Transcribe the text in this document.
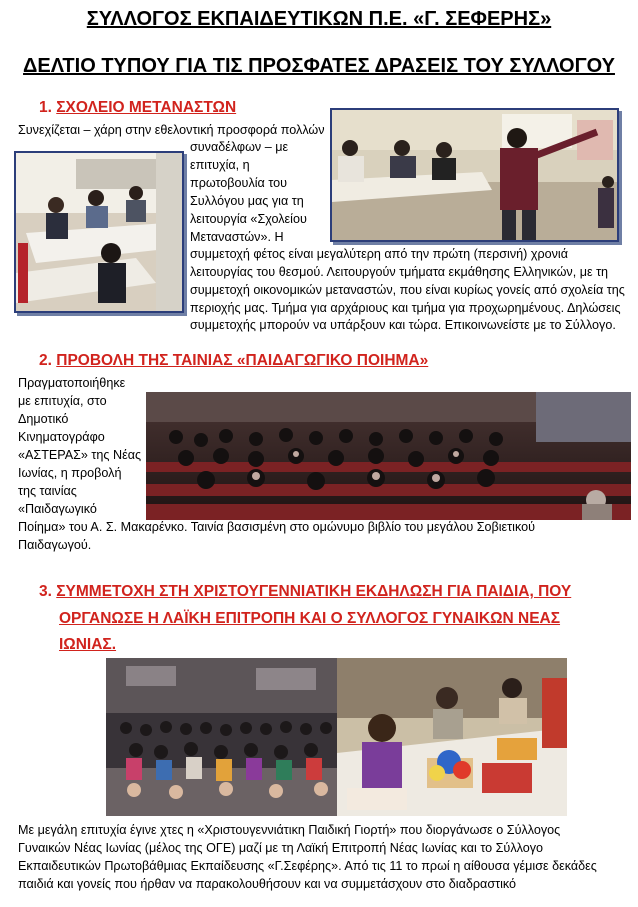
ΣΥΛΛΟΓΟΣ ΕΚΠΑΙΔΕΥΤΙΚΩΝ Π.Ε. «Γ. ΣΕΦΕΡΗΣ»
ΔΕΛΤΙΟ ΤΥΠΟΥ ΓΙΑ ΤΙΣ ΠΡΟΣΦΑΤΕΣ ΔΡΑΣΕΙΣ ΤΟΥ ΣΥΛΛΟΓΟΥ
1. ΣΧΟΛΕΙΟ ΜΕΤΑΝΑΣΤΩΝ
Συνεχίζεται – χάρη στην εθελοντική προσφορά πολλών
συναδέλφων – με
επιτυχία, η
πρωτοβουλία του
Συλλόγου μας για τη
λειτουργία «Σχολείου
Μεταναστών». Η
συμμετοχή φέτος είναι μεγαλύτερη από την πρώτη (περσινή) χρονιά
λειτουργίας του θεσμού. Λειτουργούν τμήματα εκμάθησης Ελληνικών, με τη
συμμετοχή οικονομικών μεταναστών, που είναι κυρίως γονείς από σχολεία της
περιοχής μας. Τμήμα για αρχάριους και τμήμα για προχωρημένους. Δηλώσεις
συμμετοχής μπορούν να υπάρξουν και τώρα. Επικοινωνείστε με το Σύλλογο.
2. ΠΡΟΒΟΛΗ ΤΗΣ ΤΑΙΝΙΑΣ «ΠΑΙΔΑΓΩΓΙΚΟ ΠΟΙΗΜΑ»
Πραγματοποιήθηκε
με επιτυχία, στο
Δημοτικό
Κινηματογράφο
«ΑΣΤΕΡΑΣ» της Νέας
Ιωνίας, η προβολή
της ταινίας
«Παιδαγωγικό
Ποίημα» του Α. Σ. Μακαρένκο. Ταινία βασισμένη στο ομώνυμο βιβλίο του μεγάλου Σοβιετικού
Παιδαγωγού.
3. ΣΥΜΜΕΤΟΧΗ ΣΤΗ ΧΡΙΣΤΟΥΓΕΝΝΙΑΤΙΚΗ ΕΚΔΗΛΩΣΗ ΓΙΑ ΠΑΙΔΙΑ, ΠΟΥ
ΟΡΓΑΝΩΣΕ Η ΛΑΪΚΗ ΕΠΙΤΡΟΠΗ ΚΑΙ Ο ΣΥΛΛΟΓΟΣ ΓΥΝΑΙΚΩΝ ΝΕΑΣ
ΙΩΝΙΑΣ.
Με μεγάλη επιτυχία έγινε χτες η «Χριστουγεννιάτικη Παιδική Γιορτή» που διοργάνωσε ο Σύλλογος
Γυναικών Νέας Ιωνίας (μέλος της ΟΓΕ) μαζί με τη Λαϊκή Επιτροπή Νέας Ιωνίας και το Σύλλογο
Εκπαιδευτικών Πρωτοβάθμιας Εκπαίδευσης «Γ.Σεφέρης». Από τις 11 το πρωί η αίθουσα γέμισε δεκάδες
παιδιά και γονείς που ήρθαν να παρακολουθήσουν και να συμμετάσχουν στο διαδραστικό
